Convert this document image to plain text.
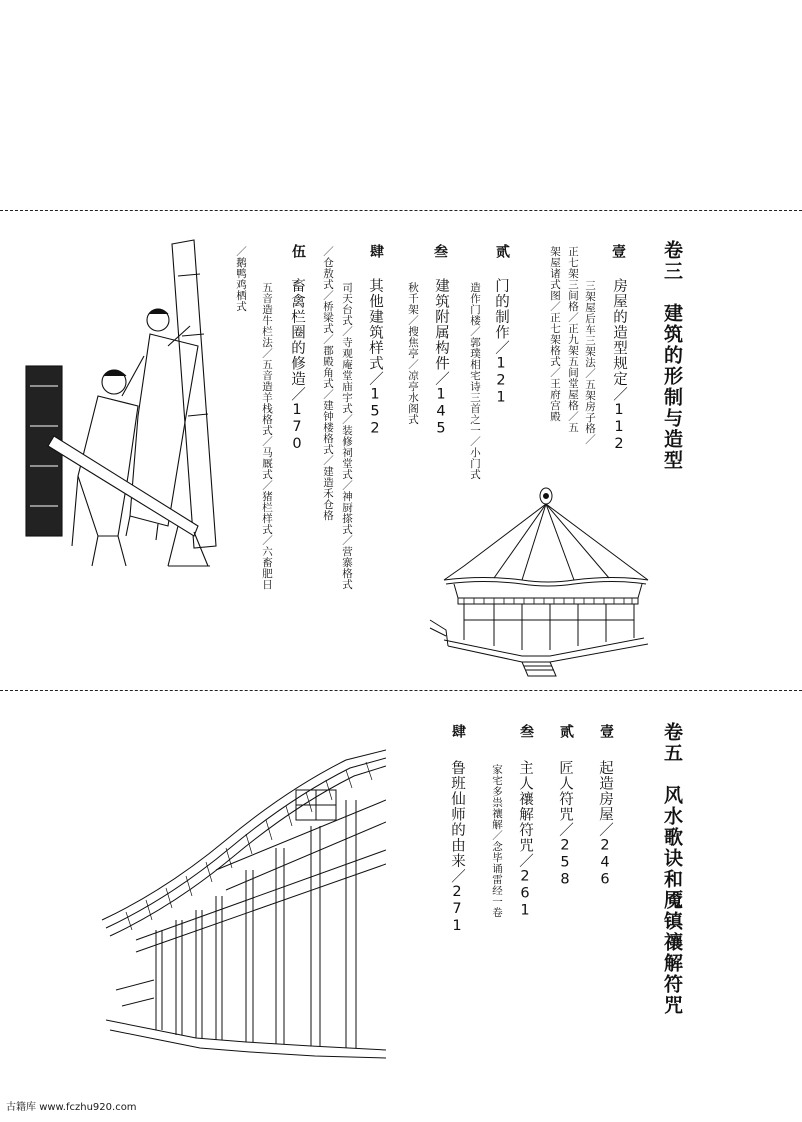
卷三　建筑的形制与造型
壹
房屋的造型规定／112
三架屋后车三架法／五架房子格／
正七架三间格／正九架五间堂屋格／五
架屋诸式图／正七架格式／王府宫殿
贰
门的制作／121
造作门楼／郭璞相宅诗三首之一／小门式
叁
建筑附属构件／145
秋千架／搜焦亭／凉亭水阁式
肆
其他建筑样式／152
司天台式／寺观庵堂庙宇式／装修祠堂式／神厨搽式／营寨格式
／仓敖式／桥梁式／郡殿角式／建钟楼格式／建造禾仓格
伍
畜禽栏圈的修造／170
五音造牛栏法／五音造羊栈格式／马厩式／猪栏样式／六畜肥日
／鹅鸭鸡栖式
卷五　风水歌诀和魇镇禳解符咒
壹
起造房屋／246
贰
匠人符咒／258
叁
主人禳解符咒／261
家宅多祟禳解／念毕诵雷经一卷
肆
鲁班仙师的由来／271
古籍库 www.fczhu920.com
